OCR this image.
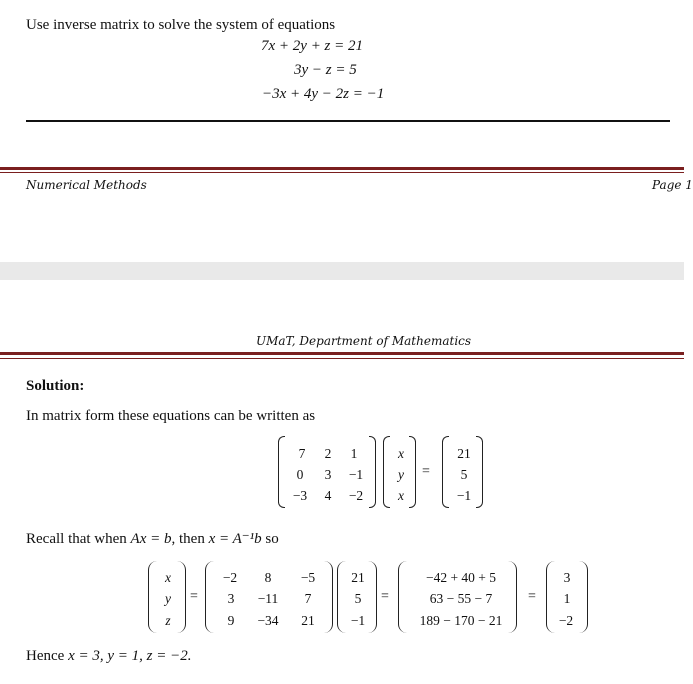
Use inverse matrix to solve the system of equations
7x + 2y + z = 21
3y − z = 5
−3x + 4y − 2z = −1
Numerical Methods	Page 1
UMaT, Department of Mathematics
Solution:
In matrix form these equations can be written as
7 2 1
0 3 −1
−3 4 −2
x
y
x
=
21
5
−1
Recall that when Ax = b, then x = A⁻¹b so
x
y
z
=
−2 8 −5
3 −11 7
9 −34 21
21
5
−1
=
−42 + 40 + 5
63 − 55 − 7
189 − 170 − 21
=
3
1
−2
Hence x = 3, y = 1, z = −2.
